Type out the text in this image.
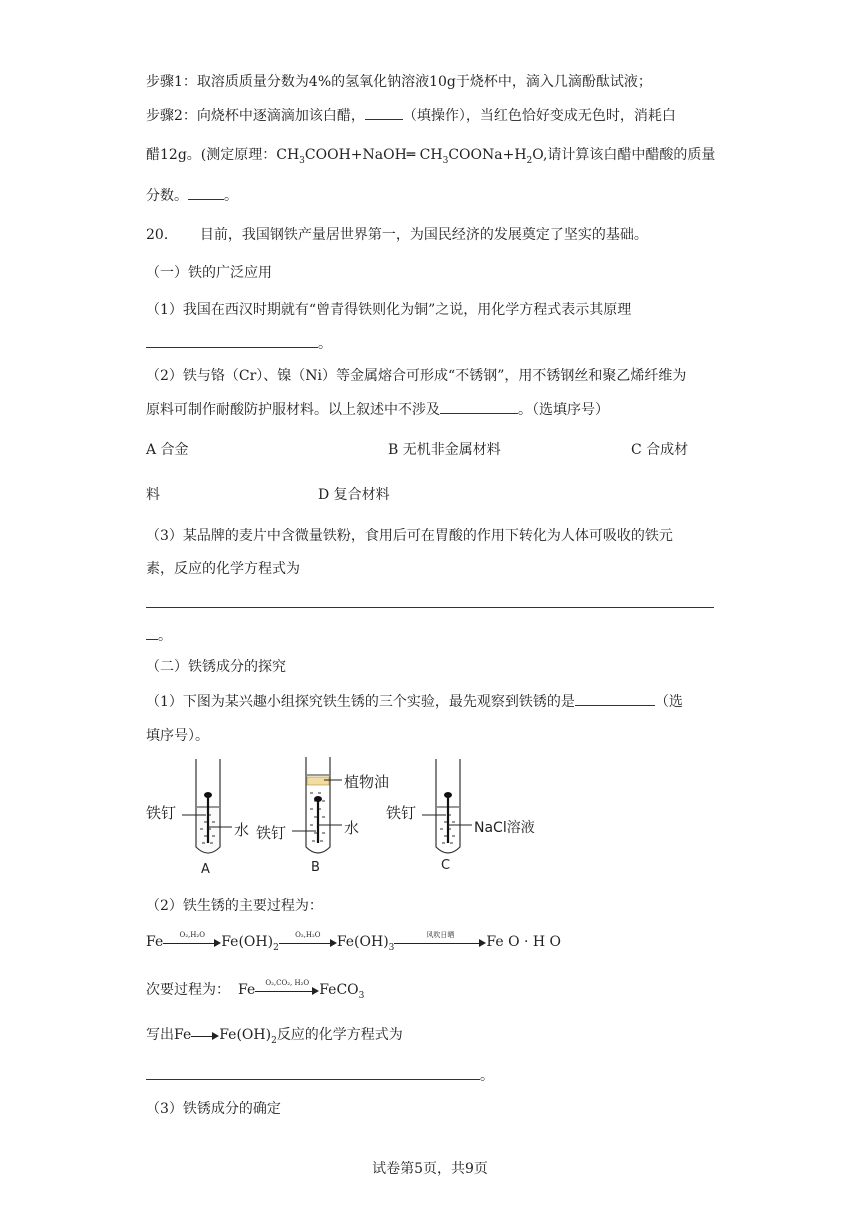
步骤1：取溶质质量分数为4%的氢氧化钠溶液10g于烧杯中，滴入几滴酚酞试液；
步骤2：向烧杯中逐滴滴加该白醋，	（填操作），当红色恰好变成无色时，消耗白
醋12g。(测定原理：$CH_3COOH+NaOH═$ $CH_3COONa+H_2O$,请计算该白醋中醋酸的质量
分数。	。
20． 目前，我国钢铁产量居世界第一，为国民经济的发展奠定了坚实的基础。
（一）铁的广泛应用
（1）我国在西汉时期就有“曾青得铁则化为铜”之说，用化学方程式表示其原理
。
（2）铁与铬（Cr）、镍（Ni）等金属熔合可形成“不锈钢”，用不锈钢丝和聚乙烯纤维为
原料可制作耐酸防护服材料。以上叙述中不涉及	。（选填序号）
A 合金	B 无机非金属材料	C 合成材
料	D 复合材料
（3）某品牌的麦片中含微量铁粉，食用后可在胃酸的作用下转化为人体可吸收的铁元
素，反应的化学方程式为
。
（二）铁锈成分的探究
（1）下图为某兴趣小组探究铁生锈的三个实验，最先观察到铁锈的是	（选
填序号）。
铁钉
水
植物油
铁钉	水
铁钉
NaCl溶液
A	B	C
（2）铁生锈的主要过程为：
Fe	O₂,H₂O	$Fe(OH)_2$
O₂,H₂O	$Fe(OH)_3$
风吹日晒	Fe O · H O
次要过程为： Fe	O₂,CO₂, H₂O FeCO$_3$
写出Fe $Fe(OH)_2$反应的化学方程式为
。
（3）铁锈成分的确定
试卷第5页，共9页
